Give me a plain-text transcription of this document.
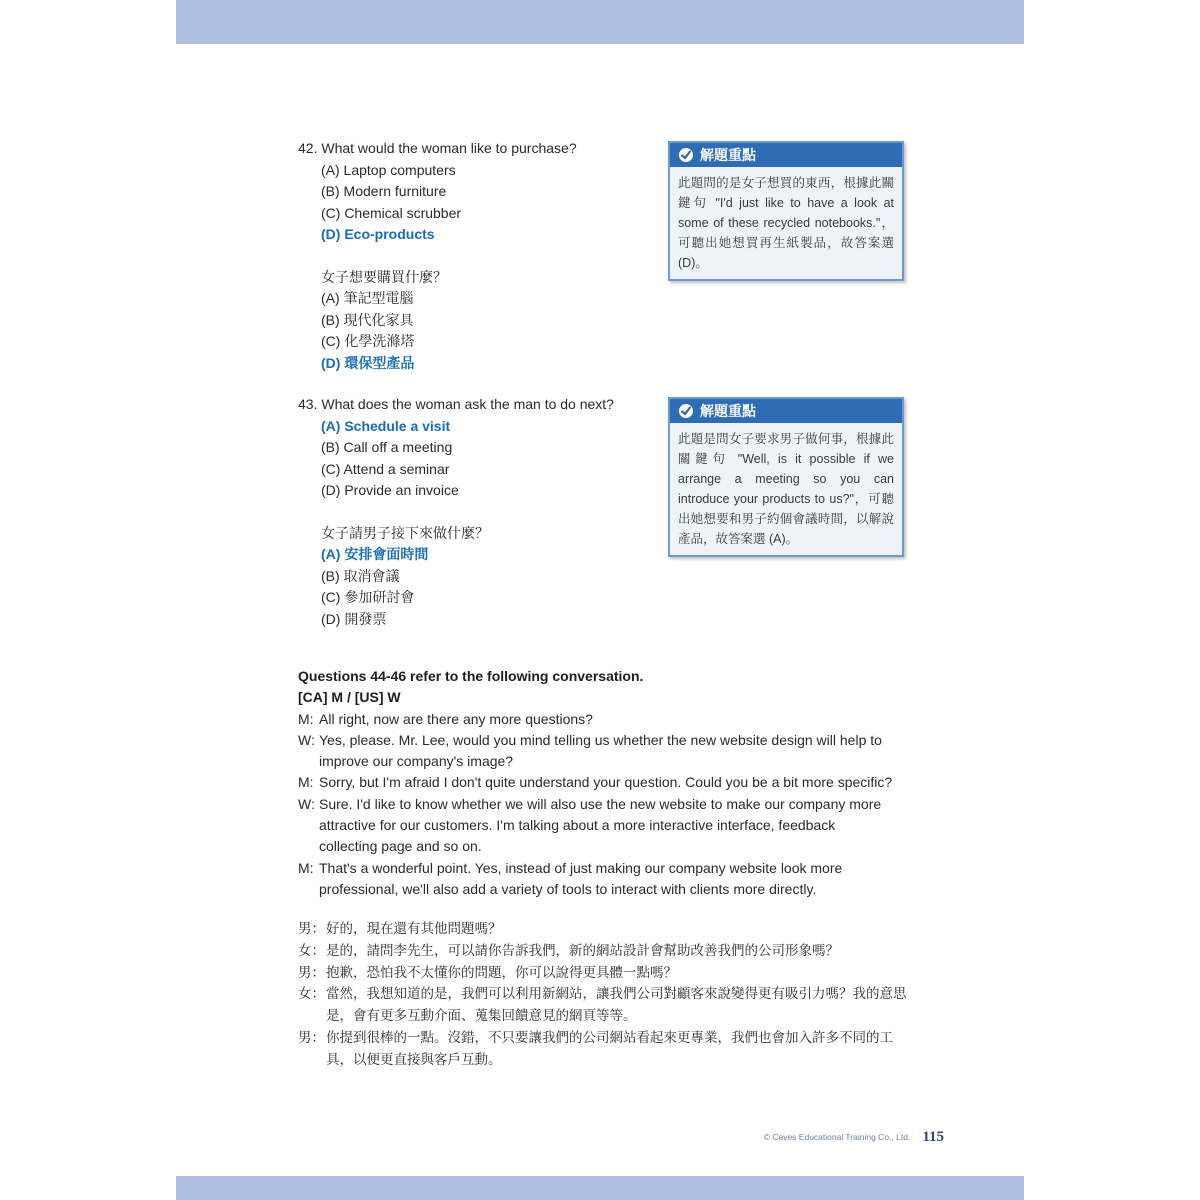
42. What would the woman like to purchase?
(A) Laptop computers
(B) Modern furniture
(C) Chemical scrubber
(D) Eco-products
女子想要購買什麼？
(A) 筆記型電腦
(B) 現代化家具
(C) 化學洗滌塔
(D) 環保型產品
解題重點
此題問的是女子想買的東西，根據此關鍵句 "I'd just like to have a look at some of these recycled notebooks."，可聽出她想買再生紙製品，故答案選 (D)。
43. What does the woman ask the man to do next?
(A) Schedule a visit
(B) Call off a meeting
(C) Attend a seminar
(D) Provide an invoice
女子請男子接下來做什麼？
(A) 安排會面時間
(B) 取消會議
(C) 參加研討會
(D) 開發票
解題重點
此題是問女子要求男子做何事，根據此關鍵句 "Well, is it possible if we arrange a meeting so you can introduce your products to us?"，可聽出她想要和男子約個會議時間，以解說產品，故答案選 (A)。
Questions 44-46 refer to the following conversation.
[CA] M / [US] W
M: All right, now are there any more questions?
W: Yes, please. Mr. Lee, would you mind telling us whether the new website design will help to improve our company's image?
M: Sorry, but I'm afraid I don't quite understand your question. Could you be a bit more specific?
W: Sure. I'd like to know whether we will also use the new website to make our company more attractive for our customers. I'm talking about a more interactive interface, feedback collecting page and so on.
M: That's a wonderful point. Yes, instead of just making our company website look more professional, we'll also add a variety of tools to interact with clients more directly.
男： 好的，現在還有其他問題嗎？
女： 是的，請問李先生，可以請你告訴我們，新的網站設計會幫助改善我們的公司形象嗎？
男： 抱歉，恐怕我不太懂你的問題，你可以說得更具體一點嗎？
女： 當然，我想知道的是，我們可以利用新網站，讓我們公司對顧客來說變得更有吸引力嗎？我的意思是，會有更多互動介面、蒐集回饋意見的網頁等等。
男： 你提到很棒的一點。沒錯，不只要讓我們的公司網站看起來更專業，我們也會加入許多不同的工具，以便更直接與客戶互動。
© Caves Educational Training Co., Ltd. 115
